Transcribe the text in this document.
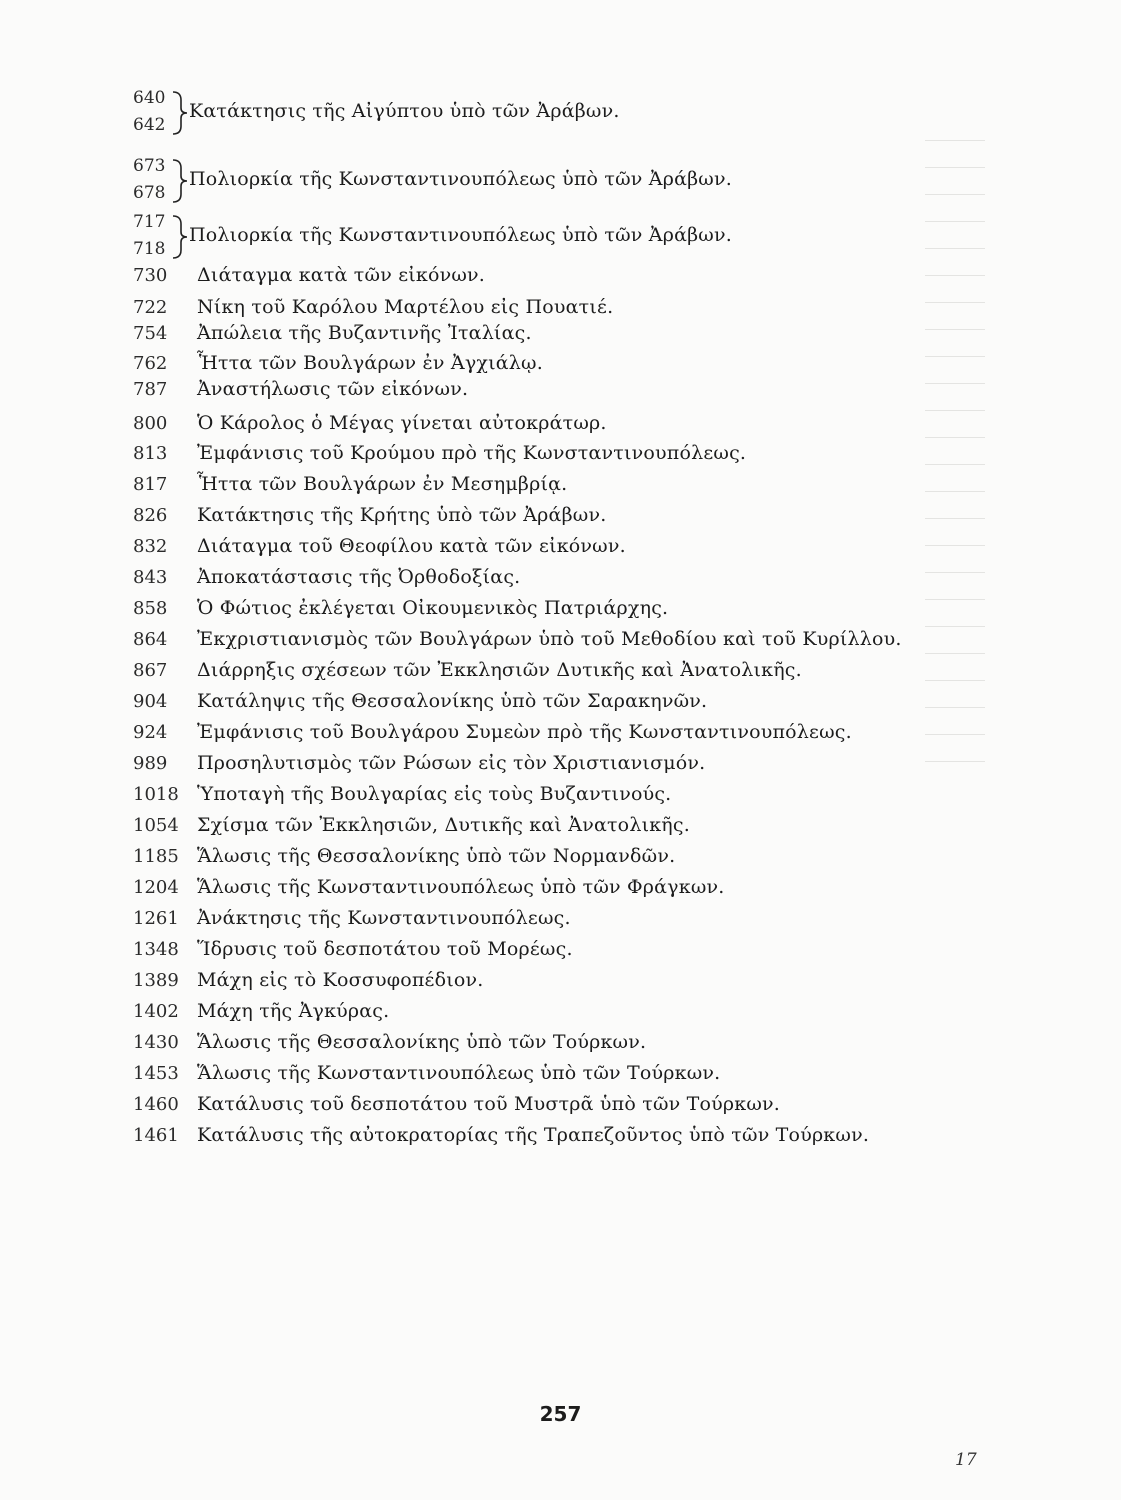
640
642
Κατάκτησις τῆς Αἰγύπτου ὑπὸ τῶν Ἀράβων.
673
678
Πολιορκία τῆς Κωνσταντινουπόλεως ὑπὸ τῶν Ἀράβων.
717
718
Πολιορκία τῆς Κωνσταντινουπόλεως ὑπὸ τῶν Ἀράβων.
730 Διάταγμα κατὰ τῶν εἰκόνων.
722 Νίκη τοῦ Καρόλου Μαρτέλου εἰς Πουατιέ.
754 Ἀπώλεια τῆς Βυζαντινῆς Ἰταλίας.
762 Ἧττα τῶν Βουλγάρων ἐν Ἀγχιάλῳ.
787 Ἀναστήλωσις τῶν εἰκόνων.
800 Ὁ Κάρολος ὁ Μέγας γίνεται αὐτοκράτωρ.
813 Ἐμφάνισις τοῦ Κρούμου πρὸ τῆς Κωνσταντινουπόλεως.
817 Ἧττα τῶν Βουλγάρων ἐν Μεσημβρίᾳ.
826 Κατάκτησις τῆς Κρήτης ὑπὸ τῶν Ἀράβων.
832 Διάταγμα τοῦ Θεοφίλου κατὰ τῶν εἰκόνων.
843 Ἀποκατάστασις τῆς Ὀρθοδοξίας.
858 Ὁ Φώτιος ἐκλέγεται Οἰκουμενικὸς Πατριάρχης.
864 Ἐκχριστιανισμὸς τῶν Βουλγάρων ὑπὸ τοῦ Μεθοδίου καὶ τοῦ Κυρίλλου.
867 Διάρρηξις σχέσεων τῶν Ἐκκλησιῶν Δυτικῆς καὶ Ἀνατολικῆς.
904 Κατάληψις τῆς Θεσσαλονίκης ὑπὸ τῶν Σαρακηνῶν.
924 Ἐμφάνισις τοῦ Βουλγάρου Συμεὼν πρὸ τῆς Κωνσταντινουπόλεως.
989 Προσηλυτισμὸς τῶν Ρώσων εἰς τὸν Χριστιανισμόν.
1018 Ὑποταγὴ τῆς Βουλγαρίας εἰς τοὺς Βυζαντινούς.
1054 Σχίσμα τῶν Ἐκκλησιῶν, Δυτικῆς καὶ Ἀνατολικῆς.
1185 Ἅλωσις τῆς Θεσσαλονίκης ὑπὸ τῶν Νορμανδῶν.
1204 Ἅλωσις τῆς Κωνσταντινουπόλεως ὑπὸ τῶν Φράγκων.
1261 Ἀνάκτησις τῆς Κωνσταντινουπόλεως.
1348 Ἵδρυσις τοῦ δεσποτάτου τοῦ Μορέως.
1389 Μάχη εἰς τὸ Κοσσυφοπέδιον.
1402 Μάχη τῆς Ἀγκύρας.
1430 Ἅλωσις τῆς Θεσσαλονίκης ὑπὸ τῶν Τούρκων.
1453 Ἅλωσις τῆς Κωνσταντινουπόλεως ὑπὸ τῶν Τούρκων.
1460 Κατάλυσις τοῦ δεσποτάτου τοῦ Μυστρᾶ ὑπὸ τῶν Τούρκων.
1461 Κατάλυσις τῆς αὐτοκρατορίας τῆς Τραπεζοῦντος ὑπὸ τῶν Τούρκων.
257
17
